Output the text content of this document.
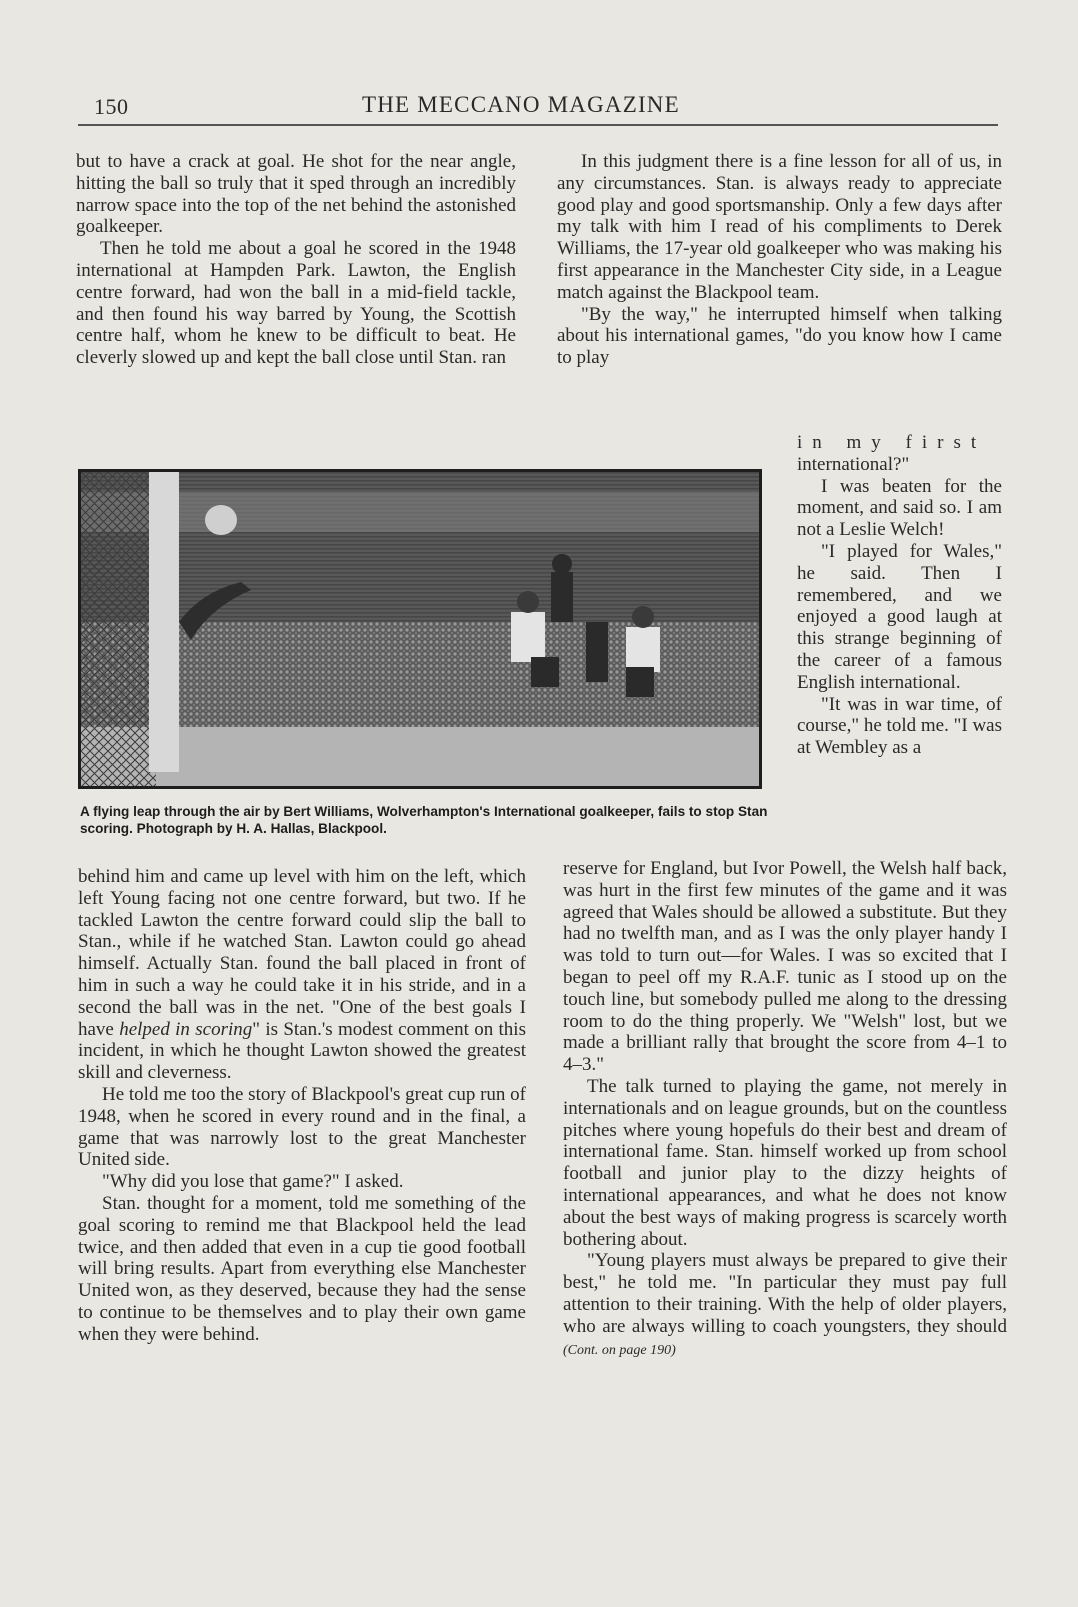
150	THE MECCANO MAGAZINE

but to have a crack at goal. He shot for the near angle, hitting the ball so truly that it sped through an incredibly narrow space into the top of the net behind the astonished goalkeeper.

Then he told me about a goal he scored in the 1948 international at Hampden Park. Lawton, the English centre forward, had won the ball in a mid-field tackle, and then found his way barred by Young, the Scottish centre half, whom he knew to be difficult to beat. He cleverly slowed up and kept the ball close until Stan. ran

In this judgment there is a fine lesson for all of us, in any circumstances. Stan. is always ready to appreciate good play and good sportsmanship. Only a few days after my talk with him I read of his compliments to Derek Williams, the 17-year old goalkeeper who was making his first appearance in the Manchester City side, in a League match against the Blackpool team.

"By the way," he interrupted himself when talking about his international games, "do you know how I came to play

A flying leap through the air by Bert Williams, Wolverhampton's International goalkeeper, fails to stop Stan scoring. Photograph by H. A. Hallas, Blackpool.

in my first

international?"

I was beaten for the moment, and said so. I am not a Leslie Welch!

"I played for Wales," he said. Then I remembered, and we enjoyed a good laugh at this strange beginning of the career of a famous English international.

"It was in war time, of course," he told me. "I was at Wembley as a

behind him and came up level with him on the left, which left Young facing not one centre forward, but two. If he tackled Lawton the centre forward could slip the ball to Stan., while if he watched Stan. Lawton could go ahead himself. Actually Stan. found the ball placed in front of him in such a way he could take it in his stride, and in a second the ball was in the net. "One of the best goals I have helped in scoring" is Stan.'s modest comment on this incident, in which he thought Lawton showed the greatest skill and cleverness.

He told me too the story of Blackpool's great cup run of 1948, when he scored in every round and in the final, a game that was narrowly lost to the great Manchester United side.

"Why did you lose that game?" I asked.

Stan. thought for a moment, told me something of the goal scoring to remind me that Blackpool held the lead twice, and then added that even in a cup tie good football will bring results. Apart from everything else Manchester United won, as they deserved, because they had the sense to continue to be themselves and to play their own game when they were behind.

reserve for England, but Ivor Powell, the Welsh half back, was hurt in the first few minutes of the game and it was agreed that Wales should be allowed a substitute. But they had no twelfth man, and as I was the only player handy I was told to turn out—for Wales. I was so excited that I began to peel off my R.A.F. tunic as I stood up on the touch line, but somebody pulled me along to the dressing room to do the thing properly. We "Welsh" lost, but we made a brilliant rally that brought the score from 4–1 to 4–3."

The talk turned to playing the game, not merely in internationals and on league grounds, but on the countless pitches where young hopefuls do their best and dream of international fame. Stan. himself worked up from school football and junior play to the dizzy heights of international appearances, and what he does not know about the best ways of making progress is scarcely worth bothering about.

"Young players must always be prepared to give their best," he told me. "In particular they must pay full attention to their training. With the help of older players, who are always willing to coach youngsters, they should (Cont. on page 190)
